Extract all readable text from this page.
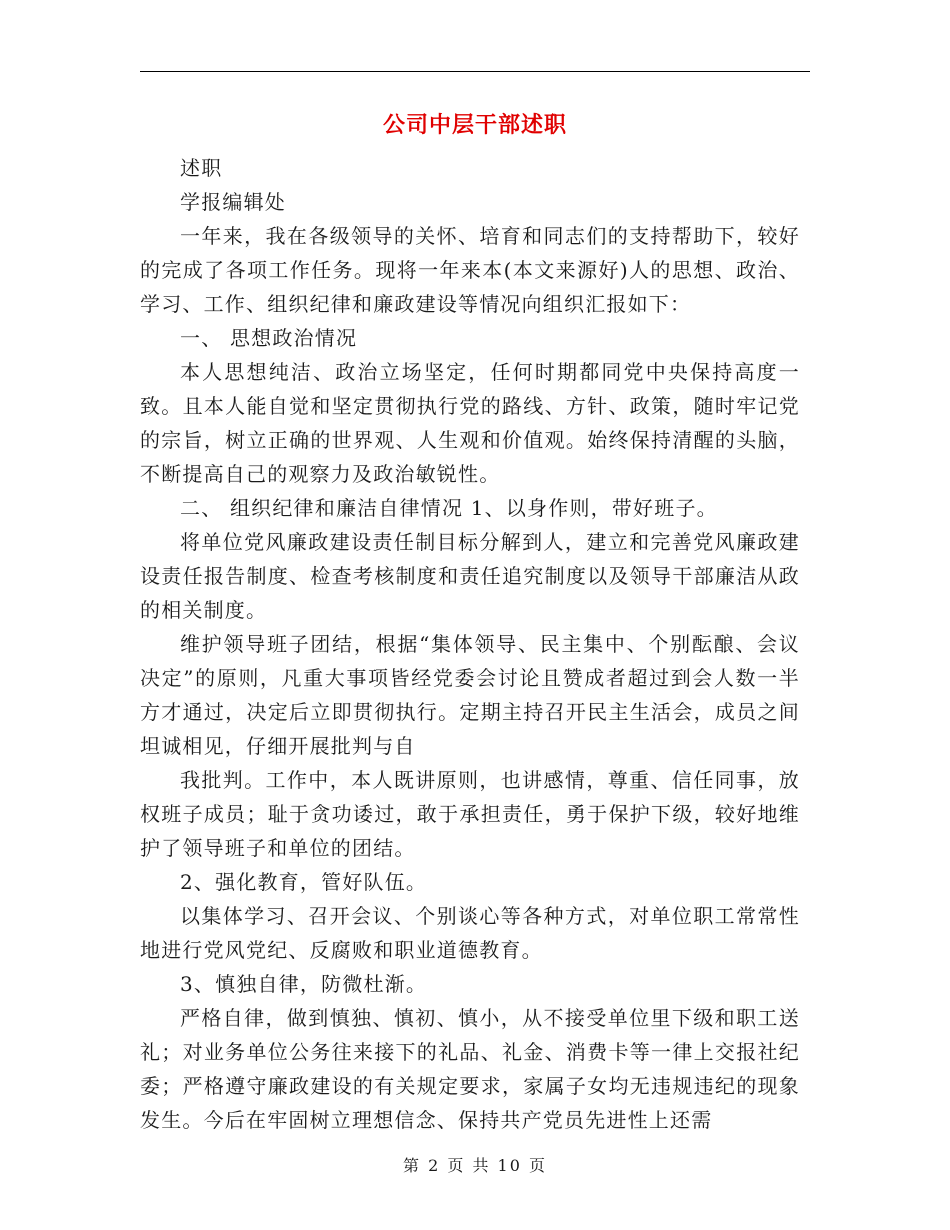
公司中层干部述职

述职

学报编辑处

一年来，我在各级领导的关怀、培育和同志们的支持帮助下，较好的完成了各项工作任务。现将一年来本(本文来源好)人的思想、政治、学习、工作、组织纪律和廉政建设等情况向组织汇报如下：

一、 思想政治情况

本人思想纯洁、政治立场坚定，任何时期都同党中央保持高度一致。且本人能自觉和坚定贯彻执行党的路线、方针、政策，随时牢记党的宗旨，树立正确的世界观、人生观和价值观。始终保持清醒的头脑，不断提高自己的观察力及政治敏锐性。

二、 组织纪律和廉洁自律情况 1、以身作则，带好班子。

将单位党风廉政建设责任制目标分解到人，建立和完善党风廉政建设责任报告制度、检查考核制度和责任追究制度以及领导干部廉洁从政的相关制度。

维护领导班子团结，根据“集体领导、民主集中、个别酝酿、会议决定”的原则，凡重大事项皆经党委会讨论且赞成者超过到会人数一半方才通过，决定后立即贯彻执行。定期主持召开民主生活会，成员之间坦诚相见，仔细开展批判与自

我批判。工作中，本人既讲原则，也讲感情，尊重、信任同事，放权班子成员；耻于贪功诿过，敢于承担责任，勇于保护下级，较好地维护了领导班子和单位的团结。

2、强化教育，管好队伍。

以集体学习、召开会议、个别谈心等各种方式，对单位职工常常性地进行党风党纪、反腐败和职业道德教育。

3、慎独自律，防微杜渐。

严格自律，做到慎独、慎初、慎小，从不接受单位里下级和职工送礼；对业务单位公务往来接下的礼品、礼金、消费卡等一律上交报社纪委；严格遵守廉政建设的有关规定要求，家属子女均无违规违纪的现象发生。今后在牢固树立理想信念、保持共产党员先进性上还需

第 2 页 共 10 页
